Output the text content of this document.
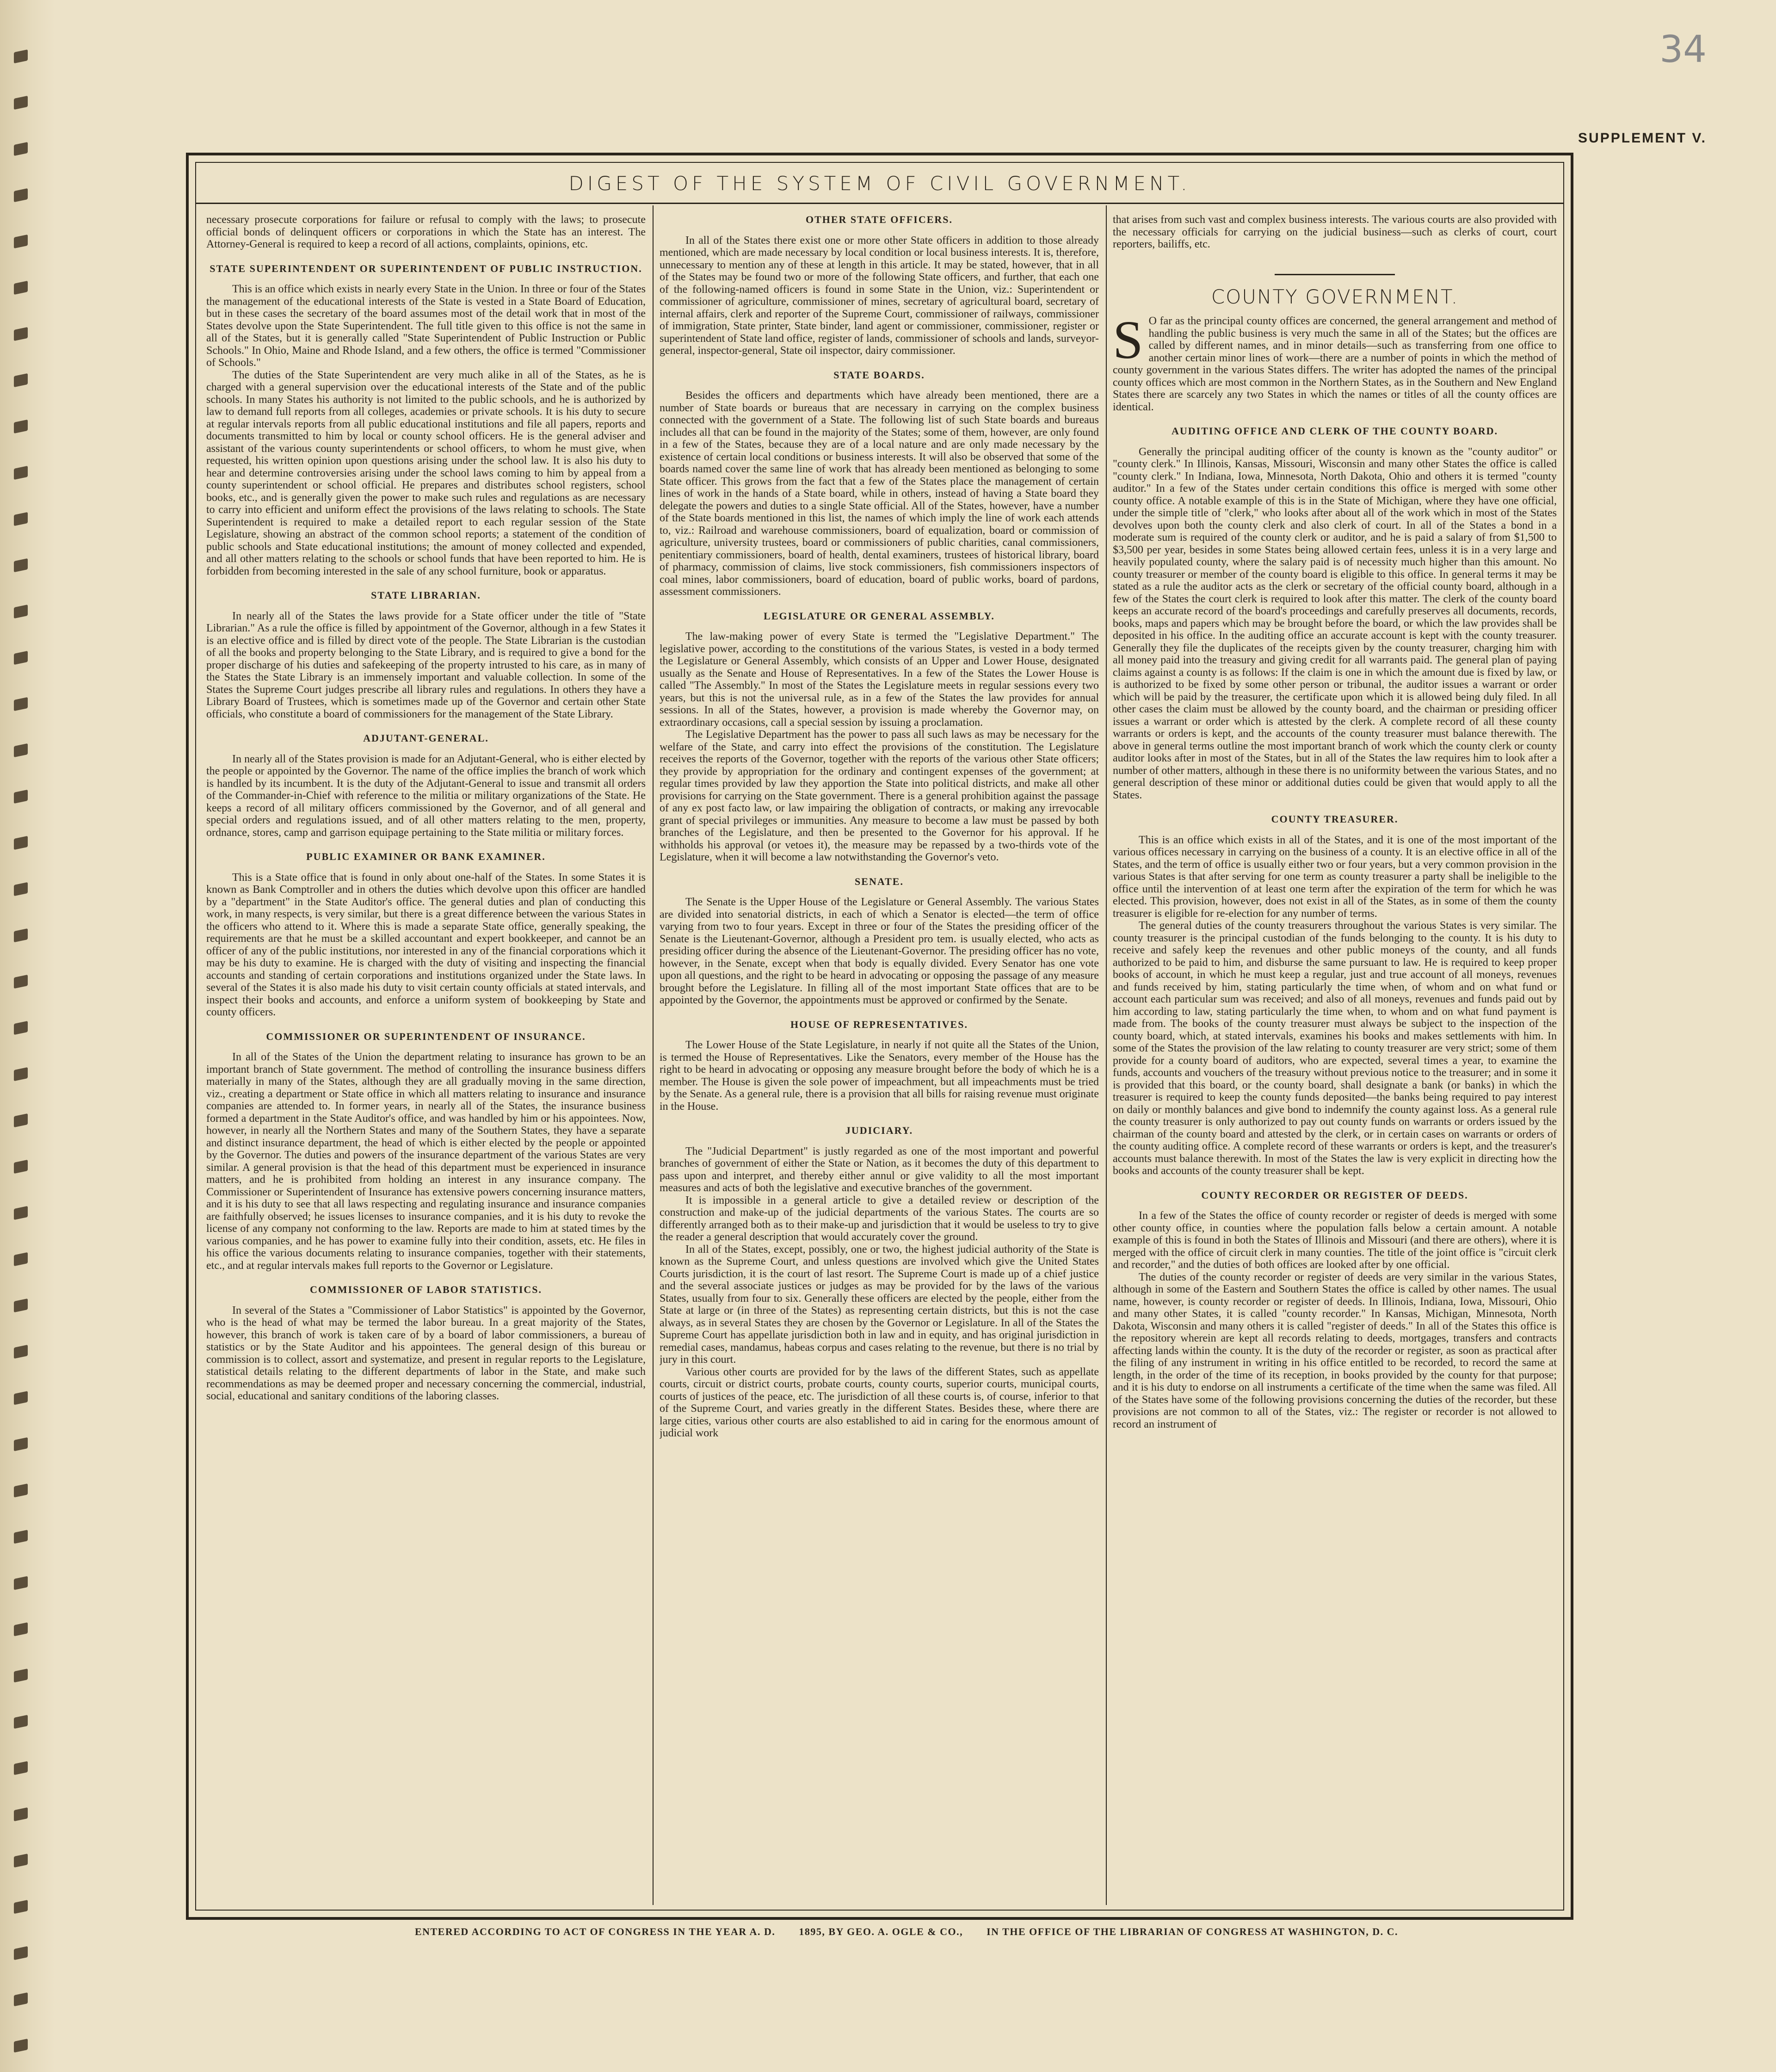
34
SUPPLEMENT V.
DIGEST OF THE SYSTEM OF CIVIL GOVERNMENT.

necessary prosecute corporations for failure or refusal to comply with the laws; to prosecute official bonds of delinquent officers or corporations in which the State has an interest. The Attorney-General is required to keep a record of all actions, complaints, opinions, etc.

STATE SUPERINTENDENT OR SUPERINTENDENT OF PUBLIC INSTRUCTION.

This is an office which exists in nearly every State in the Union. In three or four of the States the management of the educational interests of the State is vested in a State Board of Education, but in these cases the secretary of the board assumes most of the detail work that in most of the States devolve upon the State Superintendent. The full title given to this office is not the same in all of the States, but it is generally called "State Superintendent of Public Instruction or Public Schools." In Ohio, Maine and Rhode Island, and a few others, the office is termed "Commissioner of Schools."

The duties of the State Superintendent are very much alike in all of the States, as he is charged with a general supervision over the educational interests of the State and of the public schools. In many States his authority is not limited to the public schools, and he is authorized by law to demand full reports from all colleges, academies or private schools. It is his duty to secure at regular intervals reports from all public educational institutions and file all papers, reports and documents transmitted to him by local or county school officers. He is the general adviser and assistant of the various county superintendents or school officers, to whom he must give, when requested, his written opinion upon questions arising under the school law. It is also his duty to hear and determine controversies arising under the school laws coming to him by appeal from a county superintendent or school official. He prepares and distributes school registers, school books, etc., and is generally given the power to make such rules and regulations as are necessary to carry into efficient and uniform effect the provisions of the laws relating to schools. The State Superintendent is required to make a detailed report to each regular session of the State Legislature, showing an abstract of the common school reports; a statement of the condition of public schools and State educational institutions; the amount of money collected and expended, and all other matters relating to the schools or school funds that have been reported to him. He is forbidden from becoming interested in the sale of any school furniture, book or apparatus.

STATE LIBRARIAN.

In nearly all of the States the laws provide for a State officer under the title of "State Librarian." As a rule the office is filled by appointment of the Governor, although in a few States it is an elective office and is filled by direct vote of the people. The State Librarian is the custodian of all the books and property belonging to the State Library, and is required to give a bond for the proper discharge of his duties and safekeeping of the property intrusted to his care, as in many of the States the State Library is an immensely important and valuable collection. In some of the States the Supreme Court judges prescribe all library rules and regulations. In others they have a Library Board of Trustees, which is sometimes made up of the Governor and certain other State officials, who constitute a board of commissioners for the management of the State Library.

ADJUTANT-GENERAL.

In nearly all of the States provision is made for an Adjutant-General, who is either elected by the people or appointed by the Governor. The name of the office implies the branch of work which is handled by its incumbent. It is the duty of the Adjutant-General to issue and transmit all orders of the Commander-in-Chief with reference to the militia or military organizations of the State. He keeps a record of all military officers commissioned by the Governor, and of all general and special orders and regulations issued, and of all other matters relating to the men, property, ordnance, stores, camp and garrison equipage pertaining to the State militia or military forces.

PUBLIC EXAMINER OR BANK EXAMINER.

This is a State office that is found in only about one-half of the States. In some States it is known as Bank Comptroller and in others the duties which devolve upon this officer are handled by a "department" in the State Auditor's office. The general duties and plan of conducting this work, in many respects, is very similar, but there is a great difference between the various States in the officers who attend to it. Where this is made a separate State office, generally speaking, the requirements are that he must be a skilled accountant and expert bookkeeper, and cannot be an officer of any of the public institutions, nor interested in any of the financial corporations which it may be his duty to examine. He is charged with the duty of visiting and inspecting the financial accounts and standing of certain corporations and institutions organized under the State laws. In several of the States it is also made his duty to visit certain county officials at stated intervals, and inspect their books and accounts, and enforce a uniform system of bookkeeping by State and county officers.

COMMISSIONER OR SUPERINTENDENT OF INSURANCE.

In all of the States of the Union the department relating to insurance has grown to be an important branch of State government. The method of controlling the insurance business differs materially in many of the States, although they are all gradually moving in the same direction, viz., creating a department or State office in which all matters relating to insurance and insurance companies are attended to. In former years, in nearly all of the States, the insurance business formed a department in the State Auditor's office, and was handled by him or his appointees. Now, however, in nearly all the Northern States and many of the Southern States, they have a separate and distinct insurance department, the head of which is either elected by the people or appointed by the Governor. The duties and powers of the insurance department of the various States are very similar. A general provision is that the head of this department must be experienced in insurance matters, and he is prohibited from holding an interest in any insurance company. The Commissioner or Superintendent of Insurance has extensive powers concerning insurance matters, and it is his duty to see that all laws respecting and regulating insurance and insurance companies are faithfully observed; he issues licenses to insurance companies, and it is his duty to revoke the license of any company not conforming to the law. Reports are made to him at stated times by the various companies, and he has power to examine fully into their condition, assets, etc. He files in his office the various documents relating to insurance companies, together with their statements, etc., and at regular intervals makes full reports to the Governor or Legislature.

COMMISSIONER OF LABOR STATISTICS.

In several of the States a "Commissioner of Labor Statistics" is appointed by the Governor, who is the head of what may be termed the labor bureau. In a great majority of the States, however, this branch of work is taken care of by a board of labor commissioners, a bureau of statistics or by the State Auditor and his appointees. The general design of this bureau or commission is to collect, assort and systematize, and present in regular reports to the Legislature, statistical details relating to the different departments of labor in the State, and make such recommendations as may be deemed proper and necessary concerning the commercial, industrial, social, educational and sanitary conditions of the laboring classes.

OTHER STATE OFFICERS.

In all of the States there exist one or more other State officers in addition to those already mentioned, which are made necessary by local condition or local business interests. It is, therefore, unnecessary to mention any of these at length in this article. It may be stated, however, that in all of the States may be found two or more of the following State officers, and further, that each one of the following-named officers is found in some State in the Union, viz.: Superintendent or commissioner of agriculture, commissioner of mines, secretary of agricultural board, secretary of internal affairs, clerk and reporter of the Supreme Court, commissioner of railways, commissioner of immigration, State printer, State binder, land agent or commissioner, commissioner, register or superintendent of State land office, register of lands, commissioner of schools and lands, surveyor-general, inspector-general, State oil inspector, dairy commissioner.

STATE BOARDS.

Besides the officers and departments which have already been mentioned, there are a number of State boards or bureaus that are necessary in carrying on the complex business connected with the government of a State. The following list of such State boards and bureaus includes all that can be found in the majority of the States; some of them, however, are only found in a few of the States, because they are of a local nature and are only made necessary by the existence of certain local conditions or business interests. It will also be observed that some of the boards named cover the same line of work that has already been mentioned as belonging to some State officer. This grows from the fact that a few of the States place the management of certain lines of work in the hands of a State board, while in others, instead of having a State board they delegate the powers and duties to a single State official. All of the States, however, have a number of the State boards mentioned in this list, the names of which imply the line of work each attends to, viz.: Railroad and warehouse commissioners, board of equalization, board or commission of agriculture, university trustees, board or commissioners of public charities, canal commissioners, penitentiary commissioners, board of health, dental examiners, trustees of historical library, board of pharmacy, commission of claims, live stock commissioners, fish commissioners inspectors of coal mines, labor commissioners, board of education, board of public works, board of pardons, assessment commissioners.

LEGISLATURE OR GENERAL ASSEMBLY.

The law-making power of every State is termed the "Legislative Department." The legislative power, according to the constitutions of the various States, is vested in a body termed the Legislature or General Assembly, which consists of an Upper and Lower House, designated usually as the Senate and House of Representatives. In a few of the States the Lower House is called "The Assembly." In most of the States the Legislature meets in regular sessions every two years, but this is not the universal rule, as in a few of the States the law provides for annual sessions. In all of the States, however, a provision is made whereby the Governor may, on extraordinary occasions, call a special session by issuing a proclamation.

The Legislative Department has the power to pass all such laws as may be necessary for the welfare of the State, and carry into effect the provisions of the constitution. The Legislature receives the reports of the Governor, together with the reports of the various other State officers; they provide by appropriation for the ordinary and contingent expenses of the government; at regular times provided by law they apportion the State into political districts, and make all other provisions for carrying on the State government. There is a general prohibition against the passage of any ex post facto law, or law impairing the obligation of contracts, or making any irrevocable grant of special privileges or immunities. Any measure to become a law must be passed by both branches of the Legislature, and then be presented to the Governor for his approval. If he withholds his approval (or vetoes it), the measure may be repassed by a two-thirds vote of the Legislature, when it will become a law notwithstanding the Governor's veto.

SENATE.

The Senate is the Upper House of the Legislature or General Assembly. The various States are divided into senatorial districts, in each of which a Senator is elected—the term of office varying from two to four years. Except in three or four of the States the presiding officer of the Senate is the Lieutenant-Governor, although a President pro tem. is usually elected, who acts as presiding officer during the absence of the Lieutenant-Governor. The presiding officer has no vote, however, in the Senate, except when that body is equally divided. Every Senator has one vote upon all questions, and the right to be heard in advocating or opposing the passage of any measure brought before the Legislature. In filling all of the most important State offices that are to be appointed by the Governor, the appointments must be approved or confirmed by the Senate.

HOUSE OF REPRESENTATIVES.

The Lower House of the State Legislature, in nearly if not quite all the States of the Union, is termed the House of Representatives. Like the Senators, every member of the House has the right to be heard in advocating or opposing any measure brought before the body of which he is a member. The House is given the sole power of impeachment, but all impeachments must be tried by the Senate. As a general rule, there is a provision that all bills for raising revenue must originate in the House.

JUDICIARY.

The "Judicial Department" is justly regarded as one of the most important and powerful branches of government of either the State or Nation, as it becomes the duty of this department to pass upon and interpret, and thereby either annul or give validity to all the most important measures and acts of both the legislative and executive branches of the government.

It is impossible in a general article to give a detailed review or description of the construction and make-up of the judicial departments of the various States. The courts are so differently arranged both as to their make-up and jurisdiction that it would be useless to try to give the reader a general description that would accurately cover the ground.

In all of the States, except, possibly, one or two, the highest judicial authority of the State is known as the Supreme Court, and unless questions are involved which give the United States Courts jurisdiction, it is the court of last resort. The Supreme Court is made up of a chief justice and the several associate justices or judges as may be provided for by the laws of the various States, usually from four to six. Generally these officers are elected by the people, either from the State at large or (in three of the States) as representing certain districts, but this is not the case always, as in several States they are chosen by the Governor or Legislature. In all of the States the Supreme Court has appellate jurisdiction both in law and in equity, and has original jurisdiction in remedial cases, mandamus, habeas corpus and cases relating to the revenue, but there is no trial by jury in this court.

Various other courts are provided for by the laws of the different States, such as appellate courts, circuit or district courts, probate courts, county courts, superior courts, municipal courts, courts of justices of the peace, etc. The jurisdiction of all these courts is, of course, inferior to that of the Supreme Court, and varies greatly in the different States. Besides these, where there are large cities, various other courts are also established to aid in caring for the enormous amount of judicial work

that arises from such vast and complex business interests. The various courts are also provided with the necessary officials for carrying on the judicial business—such as clerks of court, court reporters, bailiffs, etc.

COUNTY GOVERNMENT.

S O far as the principal county offices are concerned, the general arrangement and method of handling the public business is very much the same in all of the States; but the offices are called by different names, and in minor details—such as transferring from one office to another certain minor lines of work—there are a number of points in which the method of county government in the various States differs. The writer has adopted the names of the principal county offices which are most common in the Northern States, as in the Southern and New England States there are scarcely any two States in which the names or titles of all the county offices are identical.

AUDITING OFFICE AND CLERK OF THE COUNTY BOARD.

Generally the principal auditing officer of the county is known as the "county auditor" or "county clerk." In Illinois, Kansas, Missouri, Wisconsin and many other States the office is called "county clerk." In Indiana, Iowa, Minnesota, North Dakota, Ohio and others it is termed "county auditor." In a few of the States under certain conditions this office is merged with some other county office. A notable example of this is in the State of Michigan, where they have one official, under the simple title of "clerk," who looks after about all of the work which in most of the States devolves upon both the county clerk and also clerk of court. In all of the States a bond in a moderate sum is required of the county clerk or auditor, and he is paid a salary of from $1,500 to $3,500 per year, besides in some States being allowed certain fees, unless it is in a very large and heavily populated county, where the salary paid is of necessity much higher than this amount. No county treasurer or member of the county board is eligible to this office. In general terms it may be stated as a rule the auditor acts as the clerk or secretary of the official county board, although in a few of the States the court clerk is required to look after this matter. The clerk of the county board keeps an accurate record of the board's proceedings and carefully preserves all documents, records, books, maps and papers which may be brought before the board, or which the law provides shall be deposited in his office. In the auditing office an accurate account is kept with the county treasurer. Generally they file the duplicates of the receipts given by the county treasurer, charging him with all money paid into the treasury and giving credit for all warrants paid. The general plan of paying claims against a county is as follows: If the claim is one in which the amount due is fixed by law, or is authorized to be fixed by some other person or tribunal, the auditor issues a warrant or order which will be paid by the treasurer, the certificate upon which it is allowed being duly filed. In all other cases the claim must be allowed by the county board, and the chairman or presiding officer issues a warrant or order which is attested by the clerk. A complete record of all these county warrants or orders is kept, and the accounts of the county treasurer must balance therewith. The above in general terms outline the most important branch of work which the county clerk or county auditor looks after in most of the States, but in all of the States the law requires him to look after a number of other matters, although in these there is no uniformity between the various States, and no general description of these minor or additional duties could be given that would apply to all the States.

COUNTY TREASURER.

This is an office which exists in all of the States, and it is one of the most important of the various offices necessary in carrying on the business of a county. It is an elective office in all of the States, and the term of office is usually either two or four years, but a very common provision in the various States is that after serving for one term as county treasurer a party shall be ineligible to the office until the intervention of at least one term after the expiration of the term for which he was elected. This provision, however, does not exist in all of the States, as in some of them the county treasurer is eligible for re-election for any number of terms.

The general duties of the county treasurers throughout the various States is very similar. The county treasurer is the principal custodian of the funds belonging to the county. It is his duty to receive and safely keep the revenues and other public moneys of the county, and all funds authorized to be paid to him, and disburse the same pursuant to law. He is required to keep proper books of account, in which he must keep a regular, just and true account of all moneys, revenues and funds received by him, stating particularly the time when, of whom and on what fund or account each particular sum was received; and also of all moneys, revenues and funds paid out by him according to law, stating particularly the time when, to whom and on what fund payment is made from. The books of the county treasurer must always be subject to the inspection of the county board, which, at stated intervals, examines his books and makes settlements with him. In some of the States the provision of the law relating to county treasurer are very strict; some of them provide for a county board of auditors, who are expected, several times a year, to examine the funds, accounts and vouchers of the treasury without previous notice to the treasurer; and in some it is provided that this board, or the county board, shall designate a bank (or banks) in which the treasurer is required to keep the county funds deposited—the banks being required to pay interest on daily or monthly balances and give bond to indemnify the county against loss. As a general rule the county treasurer is only authorized to pay out county funds on warrants or orders issued by the chairman of the county board and attested by the clerk, or in certain cases on warrants or orders of the county auditing office. A complete record of these warrants or orders is kept, and the treasurer's accounts must balance therewith. In most of the States the law is very explicit in directing how the books and accounts of the county treasurer shall be kept.

COUNTY RECORDER OR REGISTER OF DEEDS.

In a few of the States the office of county recorder or register of deeds is merged with some other county office, in counties where the population falls below a certain amount. A notable example of this is found in both the States of Illinois and Missouri (and there are others), where it is merged with the office of circuit clerk in many counties. The title of the joint office is "circuit clerk and recorder," and the duties of both offices are looked after by one official.

The duties of the county recorder or register of deeds are very similar in the various States, although in some of the Eastern and Southern States the office is called by other names. The usual name, however, is county recorder or register of deeds. In Illinois, Indiana, Iowa, Missouri, Ohio and many other States, it is called "county recorder." In Kansas, Michigan, Minnesota, North Dakota, Wisconsin and many others it is called "register of deeds." In all of the States this office is the repository wherein are kept all records relating to deeds, mortgages, transfers and contracts affecting lands within the county. It is the duty of the recorder or register, as soon as practical after the filing of any instrument in writing in his office entitled to be recorded, to record the same at length, in the order of the time of its reception, in books provided by the county for that purpose; and it is his duty to endorse on all instruments a certificate of the time when the same was filed. All of the States have some of the following provisions concerning the duties of the recorder, but these provisions are not common to all of the States, viz.: The register or recorder is not allowed to record an instrument of

ENTERED ACCORDING TO ACT OF CONGRESS IN THE YEAR A. D. 1895, BY GEO. A. OGLE & CO., IN THE OFFICE OF THE LIBRARIAN OF CONGRESS AT WASHINGTON, D. C.
